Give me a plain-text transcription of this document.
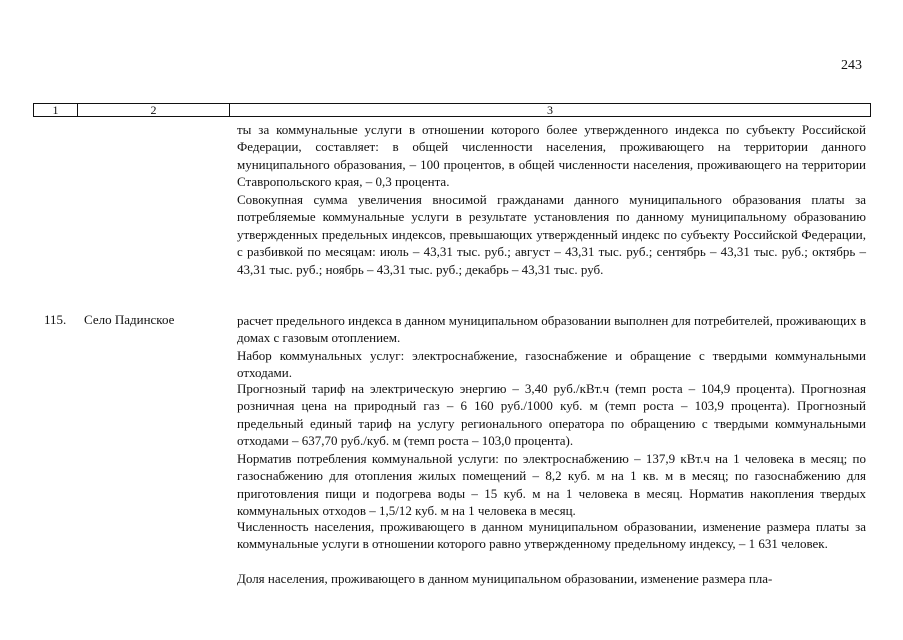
243
1	2	3

ты за коммунальные услуги в отношении которого более утвержденного индекса по субъекту Российской Федерации, составляет: в общей численности населения, проживающего на территории данного муниципального образования, – 100 процентов, в общей численности населения, проживающего на территории Ставропольского края, – 0,3 процента.

Совокупная сумма увеличения вносимой гражданами данного муниципального образования платы за потребляемые коммунальные услуги в результате установления по данному муниципальному образованию утвержденных предельных индексов, превышающих утвержденный индекс по субъекту Российской Федерации, с разбивкой по месяцам: июль – 43,31 тыс. руб.; август – 43,31 тыс. руб.; сентябрь – 43,31 тыс. руб.; октябрь – 43,31 тыс. руб.; ноябрь – 43,31 тыс. руб.; декабрь – 43,31 тыс. руб.

115. Село Падинское	расчет предельного индекса в данном муниципальном образовании выполнен для потребителей, проживающих в домах с газовым отоплением.

Набор коммунальных услуг: электроснабжение, газоснабжение и обращение с твердыми коммунальными отходами.

Прогнозный тариф на электрическую энергию – 3,40 руб./кВт.ч (темп роста – 104,9 процента). Прогнозная розничная цена на природный газ – 6 160 руб./1000 куб. м (темп роста – 103,9 процента). Прогнозный предельный единый тариф на услугу регионального оператора по обращению с твердыми коммунальными отходами – 637,70 руб./куб. м (темп роста – 103,0 процента).

Норматив потребления коммунальной услуги: по электроснабжению – 137,9 кВт.ч на 1 человека в месяц; по газоснабжению для отопления жилых помещений – 8,2 куб. м на 1 кв. м в месяц; по газоснабжению для приготовления пищи и подогрева воды – 15 куб. м на 1 человека в месяц. Норматив накопления твердых коммунальных отходов – 1,5/12 куб. м на 1 человека в месяц.

Численность населения, проживающего в данном муниципальном образовании, изменение размера платы за коммунальные услуги в отношении которого равно утвержденному предельному индексу, – 1 631 человек.

Доля населения, проживающего в данном муниципальном образовании, изменение размера пла-
